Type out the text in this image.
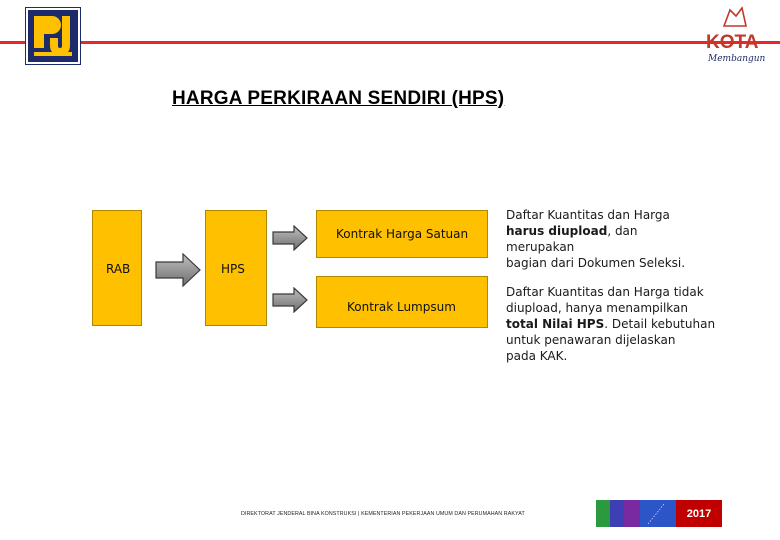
KOTA
Membangun
HARGA PERKIRAAN SENDIRI (HPS)
RAB	HPS
Kontrak Harga Satuan
Kontrak Lumpsum
Daftar Kuantitas dan Harga
harus diupload, dan merupakan
bagian dari Dokumen Seleksi.
Daftar Kuantitas dan Harga tidak
diupload, hanya menampilkan
total Nilai HPS. Detail kebutuhan
untuk penawaran dijelaskan
pada KAK.
DIREKTORAT JENDERAL BINA KONSTRUKSI | KEMENTERIAN PEKERJAAN UMUM DAN PERUMAHAN RAKYAT	2017
